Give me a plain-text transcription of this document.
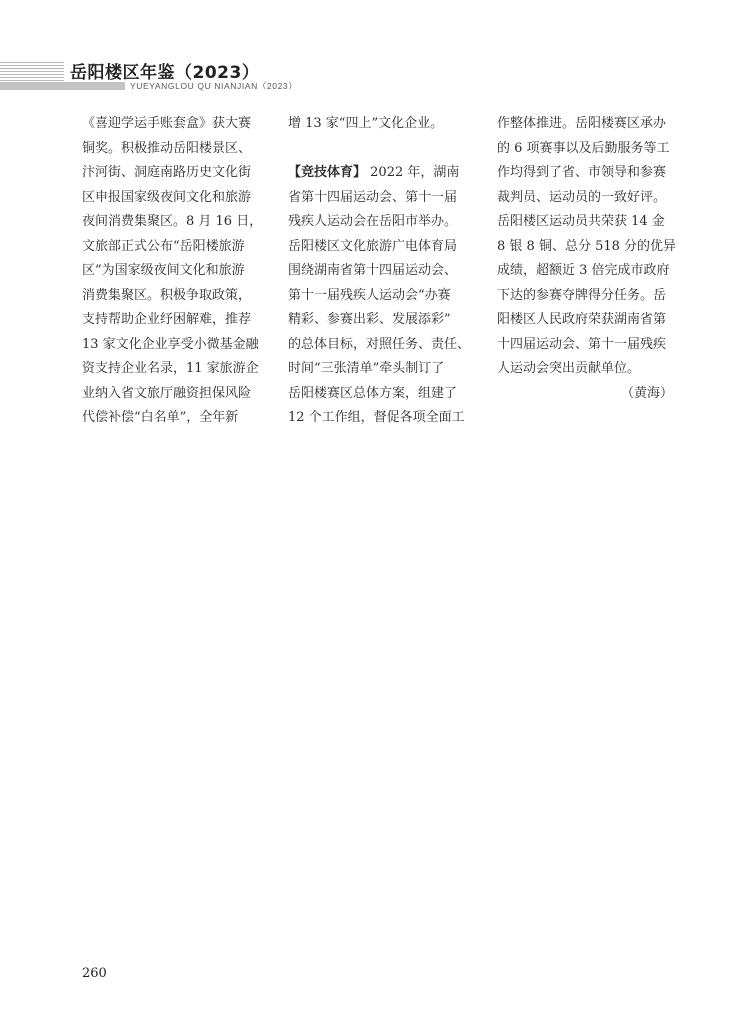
岳阳楼区年鉴（2023）
YUEYANGLOU QU NIANJIAN（2023）
《喜迎学运手账套盒》获大赛
铜奖。积极推动岳阳楼景区、
汴河街、洞庭南路历史文化街
区申报国家级夜间文化和旅游
夜间消费集聚区。8 月 16 日，
文旅部正式公布“岳阳楼旅游
区”为国家级夜间文化和旅游
消费集聚区。积极争取政策，
支持帮助企业纾困解难，推荐
13 家文化企业享受小微基金融
资支持企业名录，11 家旅游企
业纳入省文旅厅融资担保风险
代偿补偿“白名单”，全年新
增 13 家“四上”文化企业。
【竞技体育】 2022 年，湖南
省第十四届运动会、第十一届
残疾人运动会在岳阳市举办。
岳阳楼区文化旅游广电体育局
围绕湖南省第十四届运动会、
第十一届残疾人运动会“办赛
精彩、参赛出彩、发展添彩”
的总体目标，对照任务、责任、
时间“三张清单”牵头制订了
岳阳楼赛区总体方案，组建了
12 个工作组，督促各项全面工
作整体推进。岳阳楼赛区承办
的 6 项赛事以及后勤服务等工
作均得到了省、市领导和参赛
裁判员、运动员的一致好评。
岳阳楼区运动员共荣获 14 金
8 银 8 铜、总分 518 分的优异
成绩，超额近 3 倍完成市政府
下达的参赛夺牌得分任务。岳
阳楼区人民政府荣获湖南省第
十四届运动会、第十一届残疾
人运动会突出贡献单位。
（黄海）
260
